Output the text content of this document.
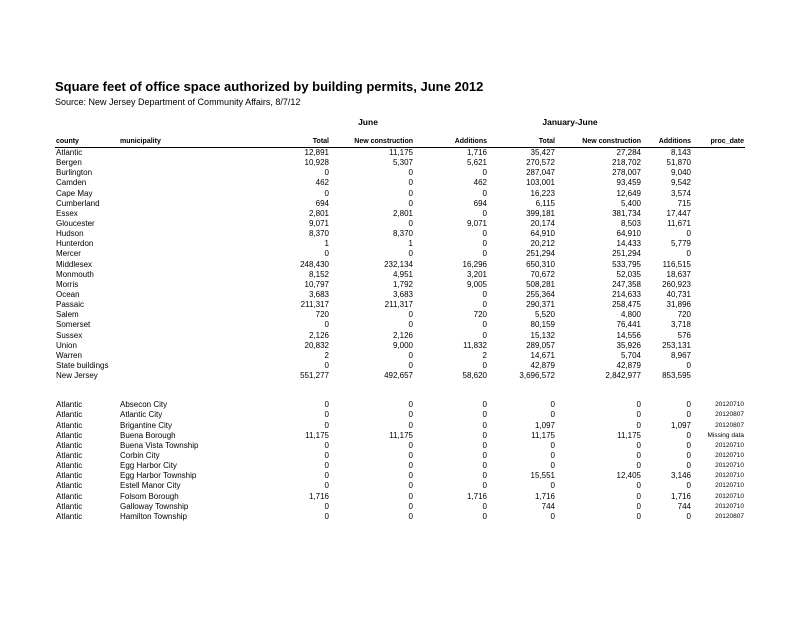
Square feet of office space authorized by building permits, June 2012
Source: New Jersey Department of Community Affairs, 8/7/12
June	January-June
county	municipality	Total	New construction	Additions	Total	New construction	Additions	proc_date
Atlantic		12,891	11,175	1,716	35,427	27,284	8,143	
Bergen		10,928	5,307	5,621	270,572	218,702	51,870	
Burlington		0	0	0	287,047	278,007	9,040	
Camden		462	0	462	103,001	93,459	9,542	
Cape May		0	0	0	16,223	12,649	3,574	
Cumberland		694	0	694	6,115	5,400	715	
Essex		2,801	2,801	0	399,181	381,734	17,447	
Gloucester		9,071	0	9,071	20,174	8,503	11,671	
Hudson		8,370	8,370	0	64,910	64,910	0	
Hunterdon		1	1	0	20,212	14,433	5,779	
Mercer		0	0	0	251,294	251,294	0	
Middlesex		248,430	232,134	16,296	650,310	533,795	116,515	
Monmouth		8,152	4,951	3,201	70,672	52,035	18,637	
Morris		10,797	1,792	9,005	508,281	247,358	260,923	
Ocean		3,683	3,683	0	255,364	214,633	40,731	
Passaic		211,317	211,317	0	290,371	258,475	31,896	
Salem		720	0	720	5,520	4,800	720	
Somerset		0	0	0	80,159	76,441	3,718	
Sussex		2,126	2,126	0	15,132	14,556	576	
Union		20,832	9,000	11,832	289,057	35,926	253,131	
Warren		2	0	2	14,671	5,704	8,967	
State buildings		0	0	0	42,879	42,879	0	
New Jersey		551,277	492,657	58,620	3,696,572	2,842,977	853,595	

Atlantic	Absecon City	0	0	0	0	0	0	20120710
Atlantic	Atlantic City	0	0	0	0	0	0	20120807
Atlantic	Brigantine City	0	0	0	1,097	0	1,097	20120807
Atlantic	Buena Borough	11,175	11,175	0	11,175	11,175	0	Missing data
Atlantic	Buena Vista Township	0	0	0	0	0	0	20120710
Atlantic	Corbin City	0	0	0	0	0	0	20120710
Atlantic	Egg Harbor City	0	0	0	0	0	0	20120710
Atlantic	Egg Harbor Township	0	0	0	15,551	12,405	3,146	20120710
Atlantic	Estell Manor City	0	0	0	0	0	0	20120710
Atlantic	Folsom Borough	1,716	0	1,716	1,716	0	1,716	20120710
Atlantic	Galloway Township	0	0	0	744	0	744	20120710
Atlantic	Hamilton Township	0	0	0	0	0	0	20120807
